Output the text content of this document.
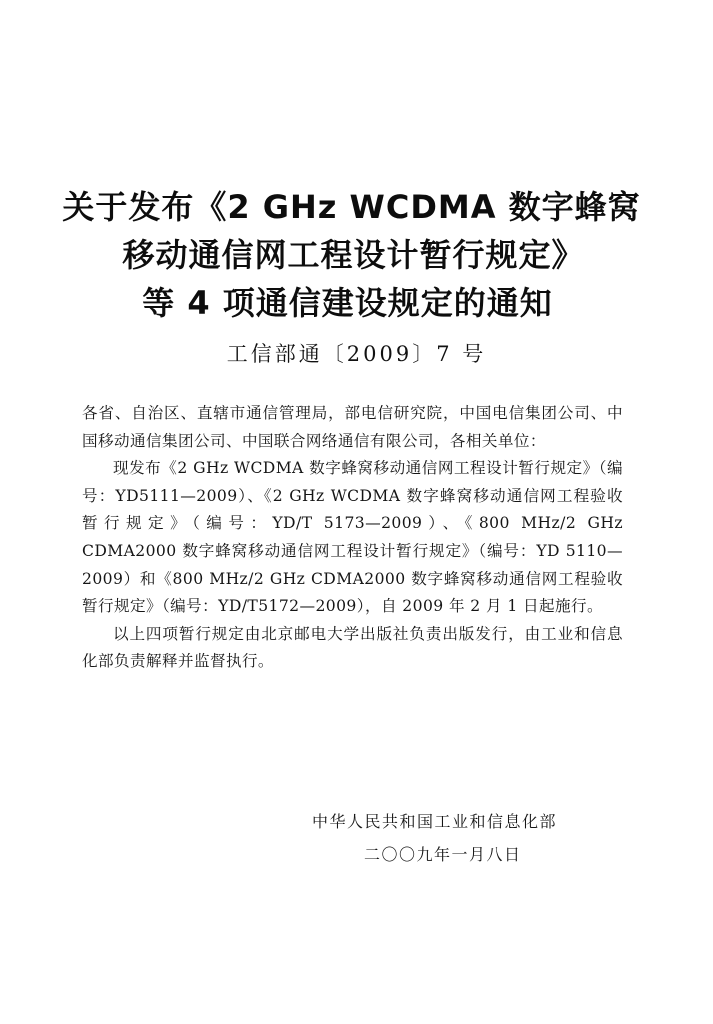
关于发布《2 GHz WCDMA 数字蜂窝
移动通信网工程设计暂行规定》
等 4 项通信建设规定的通知
工信部通〔2009〕7 号

各省、自治区、直辖市通信管理局，部电信研究院，中国电信集团公司、中国移动通信集团公司、中国联合网络通信有限公司，各相关单位：

现发布《2 GHz WCDMA 数字蜂窝移动通信网工程设计暂行规定》（编号：YD5111—2009）、《2 GHz WCDMA 数字蜂窝移动通信网工程验收暂行规定》（编号：YD/T 5173—2009）、《800 MHz/2 GHz CDMA2000 数字蜂窝移动通信网工程设计暂行规定》（编号：YD 5110—2009）和《800 MHz/2 GHz CDMA2000 数字蜂窝移动通信网工程验收暂行规定》（编号：YD/T5172—2009），自 2009 年 2 月 1 日起施行。

以上四项暂行规定由北京邮电大学出版社负责出版发行，由工业和信息化部负责解释并监督执行。

中华人民共和国工业和信息化部
二〇〇九年一月八日
